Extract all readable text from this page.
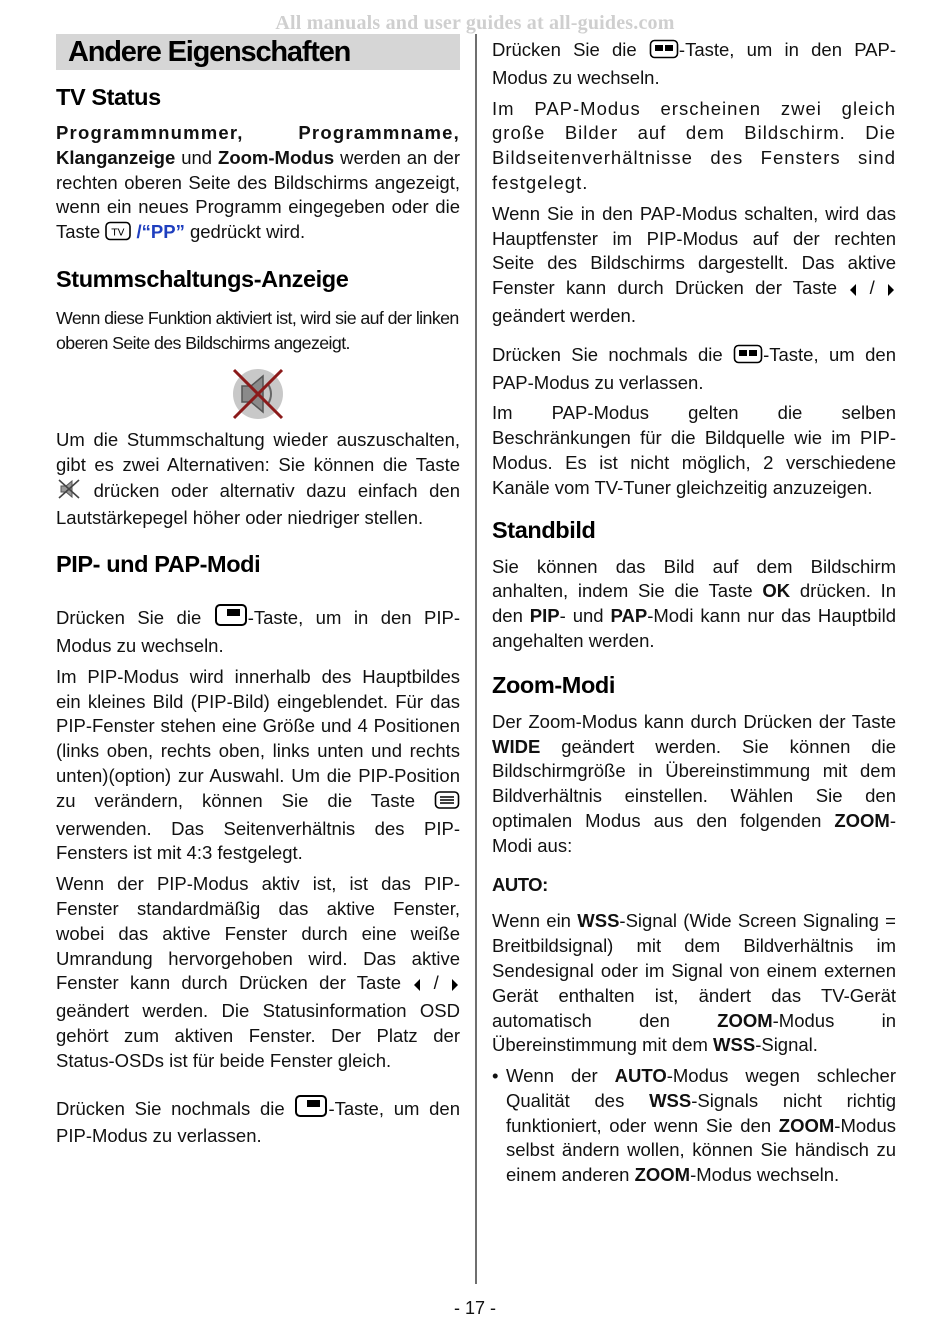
All manuals and user guides at all-guides.com
Andere Eigenschaften
TV Status

Programmnummer, Programmname, Klanganzeige und Zoom-Modus werden an der rechten oberen Seite des Bildschirms angezeigt, wenn ein neues Programm eingegeben oder die Taste TV /“PP” gedrückt wird.

Stummschaltungs-Anzeige

Wenn diese Funktion aktiviert ist, wird sie auf der linken oberen Seite des Bildschirms angezeigt.

Um die Stummschaltung wieder auszuschalten, gibt es zwei Alternativen: Sie können die Taste  drücken oder alternativ dazu einfach den Lautstärkepegel höher oder niedriger stellen.

PIP- und PAP-Modi

Drücken Sie die -Taste, um in den PIP-Modus zu wechseln.

Im PIP-Modus wird innerhalb des Hauptbildes ein kleines Bild (PIP-Bild) eingeblendet. Für das PIP-Fenster stehen eine Größe und 4 Positionen (links oben, rechts oben, links unten und rechts unten)(option) zur Auswahl. Um die PIP-Position zu verändern, können Sie die Taste  verwenden. Das Seitenverhältnis des PIP-Fensters ist mit 4:3 festgelegt.

Wenn der PIP-Modus aktiv ist, ist das PIP-Fenster standardmäßig das aktive Fenster, wobei das aktive Fenster durch eine weiße Umrandung hervorgehoben wird. Das aktive Fenster kann durch Drücken der Taste  /  geändert werden. Die Statusinformation OSD gehört zum aktiven Fenster. Der Platz der Status-OSDs ist für beide Fenster gleich.

Drücken Sie nochmals die -Taste, um den PIP-Modus zu verlassen.

Drücken Sie die -Taste, um in den PAP-Modus zu wechseln.

Im PAP-Modus erscheinen zwei gleich große Bilder auf dem Bildschirm. Die Bildseitenverhältnisse des Fensters sind festgelegt.

Wenn Sie in den PAP-Modus schalten, wird das Hauptfenster im PIP-Modus auf der rechten Seite des Bildschirms dargestellt. Das aktive Fenster kann durch Drücken der Taste  /  geändert werden.

Drücken Sie nochmals die -Taste, um den PAP-Modus zu verlassen.

Im PAP-Modus gelten die selben Beschränkungen für die Bildquelle wie im PIP-Modus. Es ist nicht möglich, 2 verschiedene Kanäle vom TV-Tuner gleichzeitig anzuzeigen.

Standbild

Sie können das Bild auf dem Bildschirm anhalten, indem Sie die Taste OK drücken. In den PIP- und PAP-Modi kann nur das Hauptbild angehalten werden.

Zoom-Modi

Der Zoom-Modus kann durch Drücken der Taste WIDE geändert werden. Sie können die Bildschirmgröße in Übereinstimmung mit dem Bildverhältnis einstellen. Wählen Sie den optimalen Modus aus den folgenden ZOOM-Modi aus:

AUTO:

Wenn ein WSS-Signal (Wide Screen Signaling = Breitbildsignal) mit dem Bildverhältnis im Sendesignal oder im Signal von einem externen Gerät enthalten ist, ändert das TV-Gerät automatisch den ZOOM-Modus in Übereinstimmung mit dem WSS-Signal.

• Wenn der AUTO-Modus wegen schlecher Qualität des WSS-Signals nicht richtig funktioniert, oder wenn Sie den ZOOM-Modus selbst ändern wollen, können Sie händisch zu einem anderen ZOOM-Modus wechseln.

- 17 -
